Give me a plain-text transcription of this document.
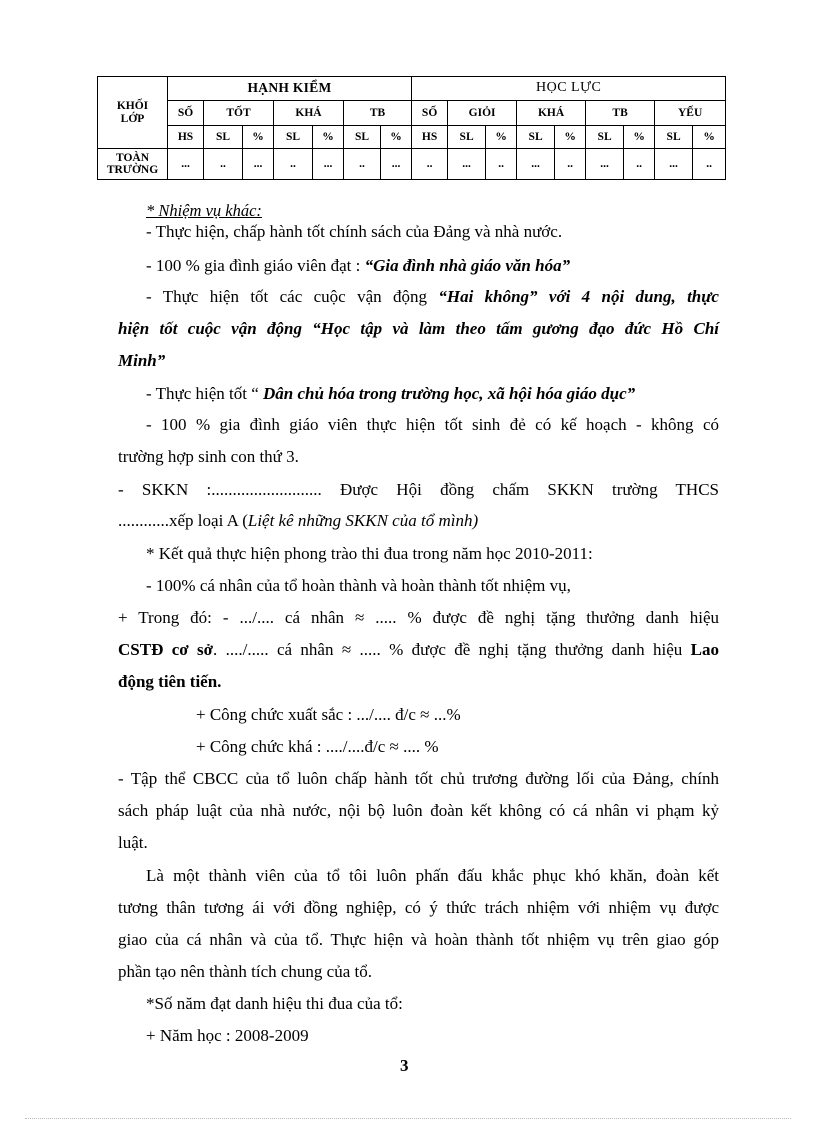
KHỐI LỚP	HẠNH KIỂM							HỌC LỰC								
	SỐ	TỐT		KHÁ		TB		SỐ	GIỎI		KHÁ		TB		YẾU	
	HS	SL	%	SL	%	SL	%	HS	SL	%	SL	%	SL	%	SL	%
TOÀN TRƯỜNG	...	..	...	..	...	..	...	..	...	..	...	..	...	..	...	..
* Nhiệm vụ khác:
- Thực hiện, chấp hành tốt chính sách của Đảng và nhà nước.
- 100 % gia đình giáo viên đạt : “Gia đình nhà giáo văn hóa”
- Thực hiện tốt các cuộc vận động “Hai không” với 4 nội dung, thực
hiện tốt cuộc vận động “Học tập và làm theo tấm gương đạo đức Hồ Chí
Minh”
- Thực hiện tốt “ Dân chủ hóa trong trường học, xã hội hóa giáo dục”
- 100 % gia đình giáo viên thực hiện tốt sinh đẻ có kế hoạch - không có
trường hợp sinh con thứ 3.
- SKKN :.......................... Được Hội đồng chấm SKKN trường THCS
............xếp loại A (Liệt kê những SKKN của tổ mình)
* Kết quả thực hiện phong trào thi đua trong năm học 2010-2011:
- 100% cá nhân của tổ hoàn thành và hoàn thành tốt nhiệm vụ,
+ Trong đó: - .../.... cá nhân ≈ ..... % được đề nghị tặng thưởng danh hiệu
CSTĐ cơ sở. ..../..... cá nhân ≈ ..... % được đề nghị tặng thưởng danh hiệu Lao
động tiên tiến.
+ Công chức xuất sắc : .../.... đ/c ≈ ...%
+ Công chức khá : ..../....đ/c ≈ .... %
- Tập thể CBCC của tổ luôn chấp hành tốt chủ trương đường lối của Đảng, chính
sách pháp luật của nhà nước, nội bộ luôn đoàn kết không có cá nhân vi phạm kỷ
luật.
Là một thành viên của tổ tôi luôn phấn đấu khắc phục khó khăn, đoàn kết
tương thân tương ái với đồng nghiệp, có ý thức trách nhiệm với nhiệm vụ được
giao của cá nhân và của tổ. Thực hiện và hoàn thành tốt nhiệm vụ trên giao góp
phần tạo nên thành tích chung của tổ.
*Số năm đạt danh hiệu thi đua của tổ:
+ Năm học : 2008-2009
3
